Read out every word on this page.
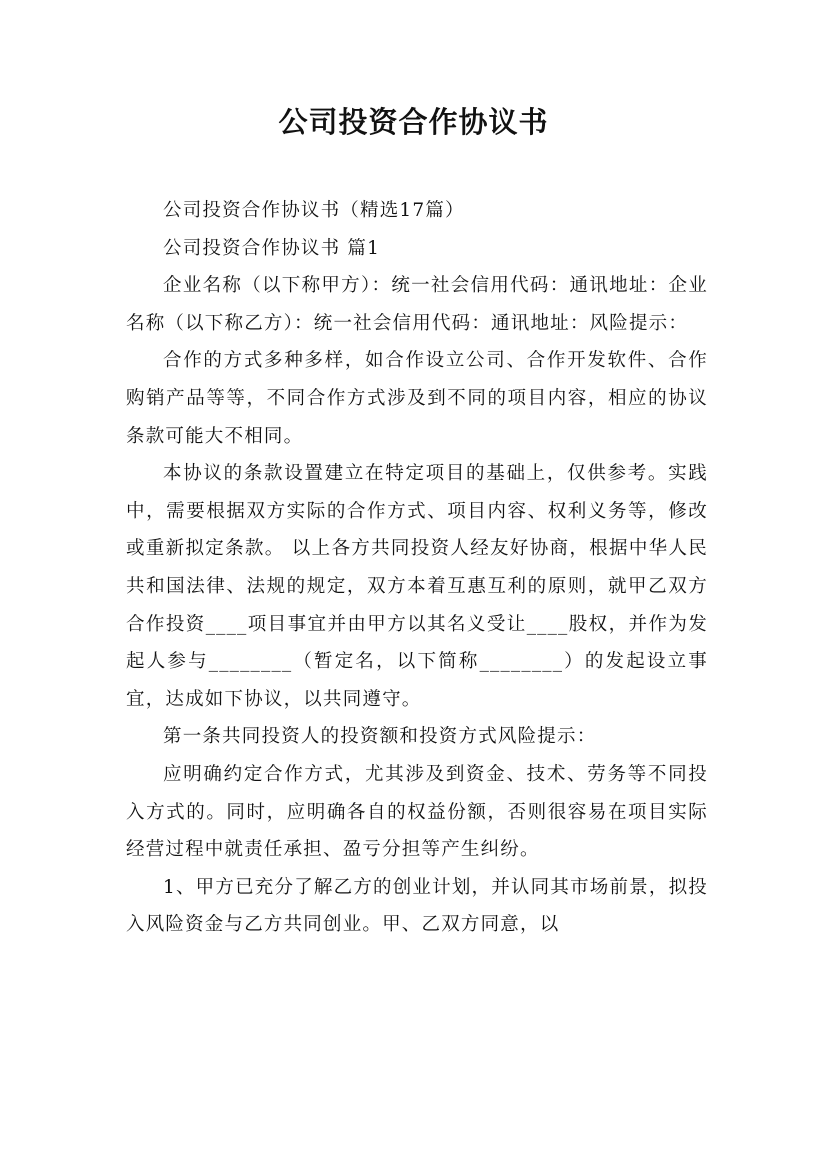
公司投资合作协议书

公司投资合作协议书（精选17篇）

公司投资合作协议书 篇1

企业名称（以下称甲方）：统一社会信用代码：通讯地址：企业名称（以下称乙方）：统一社会信用代码：通讯地址：风险提示：

合作的方式多种多样，如合作设立公司、合作开发软件、合作购销产品等等，不同合作方式涉及到不同的项目内容，相应的协议条款可能大不相同。

本协议的条款设置建立在特定项目的基础上，仅供参考。实践中，需要根据双方实际的合作方式、项目内容、权利义务等，修改或重新拟定条款。 以上各方共同投资人经友好协商，根据中华人民共和国法律、法规的规定，双方本着互惠互利的原则，就甲乙双方合作投资____项目事宜并由甲方以其名义受让____股权，并作为发起人参与________（暂定名，以下简称________）的发起设立事宜，达成如下协议，以共同遵守。

第一条共同投资人的投资额和投资方式风险提示：

应明确约定合作方式，尤其涉及到资金、技术、劳务等不同投入方式的。同时，应明确各自的权益份额，否则很容易在项目实际经营过程中就责任承担、盈亏分担等产生纠纷。

1、甲方已充分了解乙方的创业计划，并认同其市场前景，拟投入风险资金与乙方共同创业。甲、乙双方同意，以
